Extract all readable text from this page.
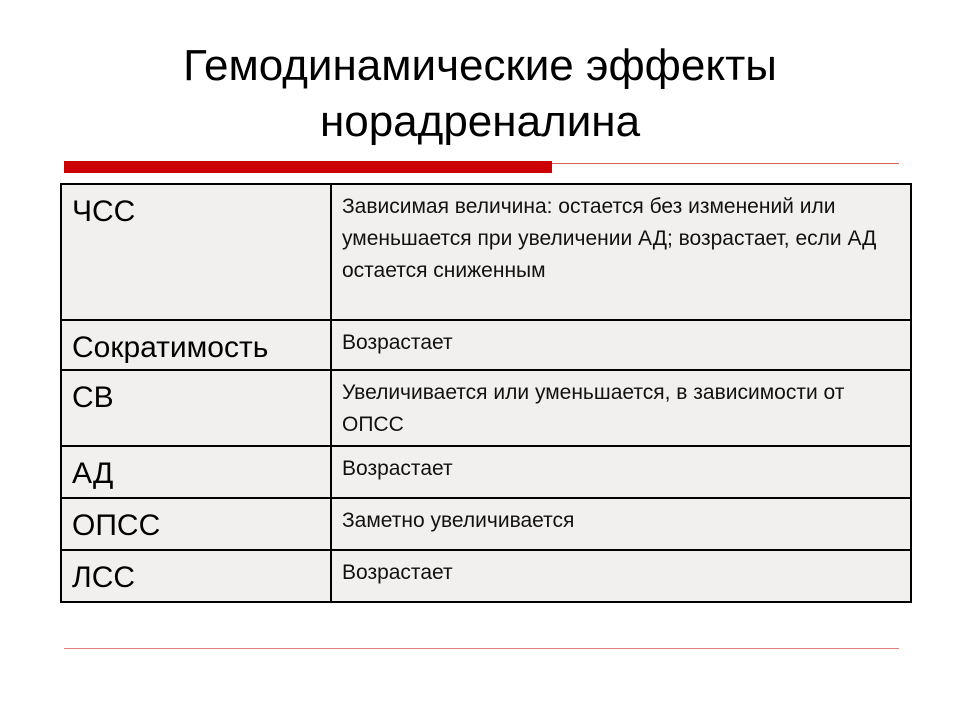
Гемодинамические эффекты
норадреналина
ЧСС	Зависимая величина: остается без изменений или уменьшается при увеличении АД; возрастает, если АД остается сниженным
Сократимость	Возрастает
СВ	Увеличивается или уменьшается, в зависимости от ОПСС
АД	Возрастает
ОПСС	Заметно увеличивается
ЛСС	Возрастает
